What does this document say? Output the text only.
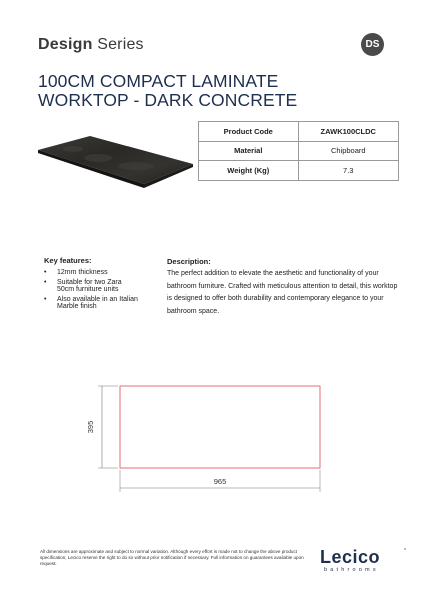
Design Series	DS
100CM COMPACT LAMINATE
WORKTOP - DARK CONCRETE
Product Code	ZAWK100CLDC
Material	Chipboard
Weight (Kg)	7.3
Key features:
• 12mm thickness
• Suitable for two Zara 50cm furniture units
• Also available in an Italian Marble finish
Description:
The perfect addition to elevate the aesthetic and functionality of your bathroom furniture. Crafted with meticulous attention to detail, this worktop is designed to offer both durability and contemporary elegance to your bathroom space.
395
965
All dimensions are approximate and subject to normal variation. Although every effort is made not to change the above product specification, Lecico reserve the right to do so without prior notification if necessary. Full information on guarantees available upon request.	Lecico
bathrooms
